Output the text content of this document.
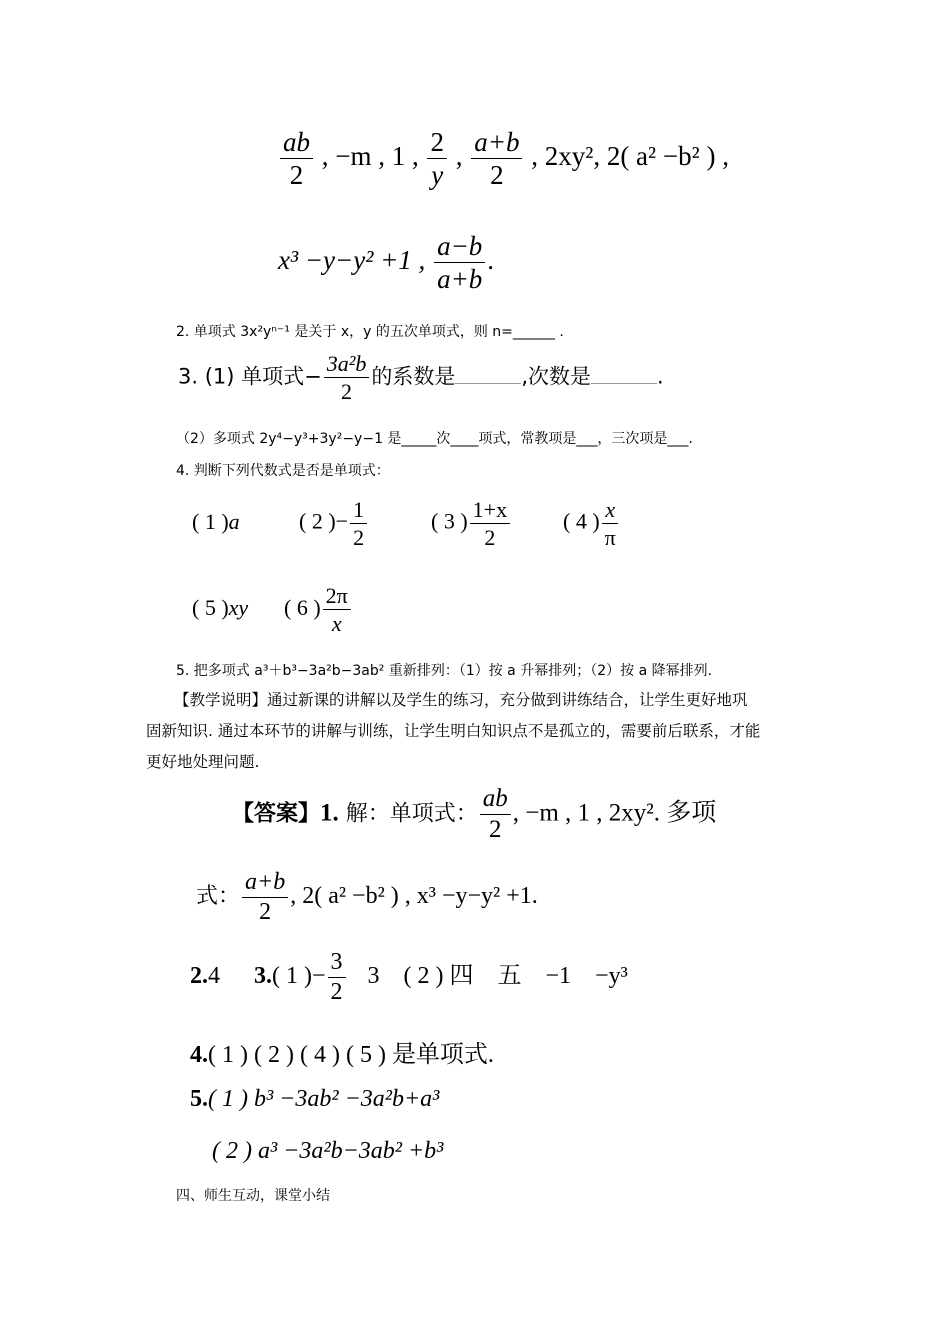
$\frac{ab}{2}$ , −m , 1 , $\frac{2}{y}$ , $\frac{a+b}{2}$ , 2xy², 2( a² −b² ) ,
x³ −y−y² +1 , $\frac{a-b}{a+b}$ .
2. 单项式 3x²yⁿ⁻¹ 是关于 x，y 的五次单项式，则 n=______ .
3. (1) 单项式− $\frac{\text{3a²b}}{2}$ 的系数是	,次数是	.
（2）多项式 2y⁴−y³+3y²−y−1 是_____次____项式，常教项是___，三次项是___.
4. 判断下列代数式是否是单项式：
( 1 )a	( 2 )− $\frac{1}{2}$	( 3 ) $\frac{1+x}{2}$ ( 4 ) $\frac{x}{\pi}$
( 5 )xy ( 6 ) $\frac{2\pi}{x}$
5. 把多项式 a³＋b³−3a²b−3ab² 重新排列：（1）按 a 升幂排列；（2）按 a 降幂排列.
【教学说明】通过新课的讲解以及学生的练习，充分做到讲练结合，让学生更好地巩
固新知识. 通过本环节的讲解与训练，让学生明白知识点不是孤立的，需要前后联系，才能
更好地处理问题.
【答案】1. 解：单项式： $\frac{ab}{2}$ , −m , 1 , 2xy². 多项
式： $\frac{a+b}{2}$ , 2( a² −b² ) , x³ −y−y² +1.
2.4 3.( 1 )− $\frac{3}{2} 3$    ( 2 ) 四    五    −1    −y³
4.( 1 ) ( 2 ) ( 4 ) ( 5 ) 是单项式.
5.( 1 ) b³ −3ab² −3a²b+a³
( 2 ) a³ −3a²b−3ab² +b³
四、师生互动，课堂小结
